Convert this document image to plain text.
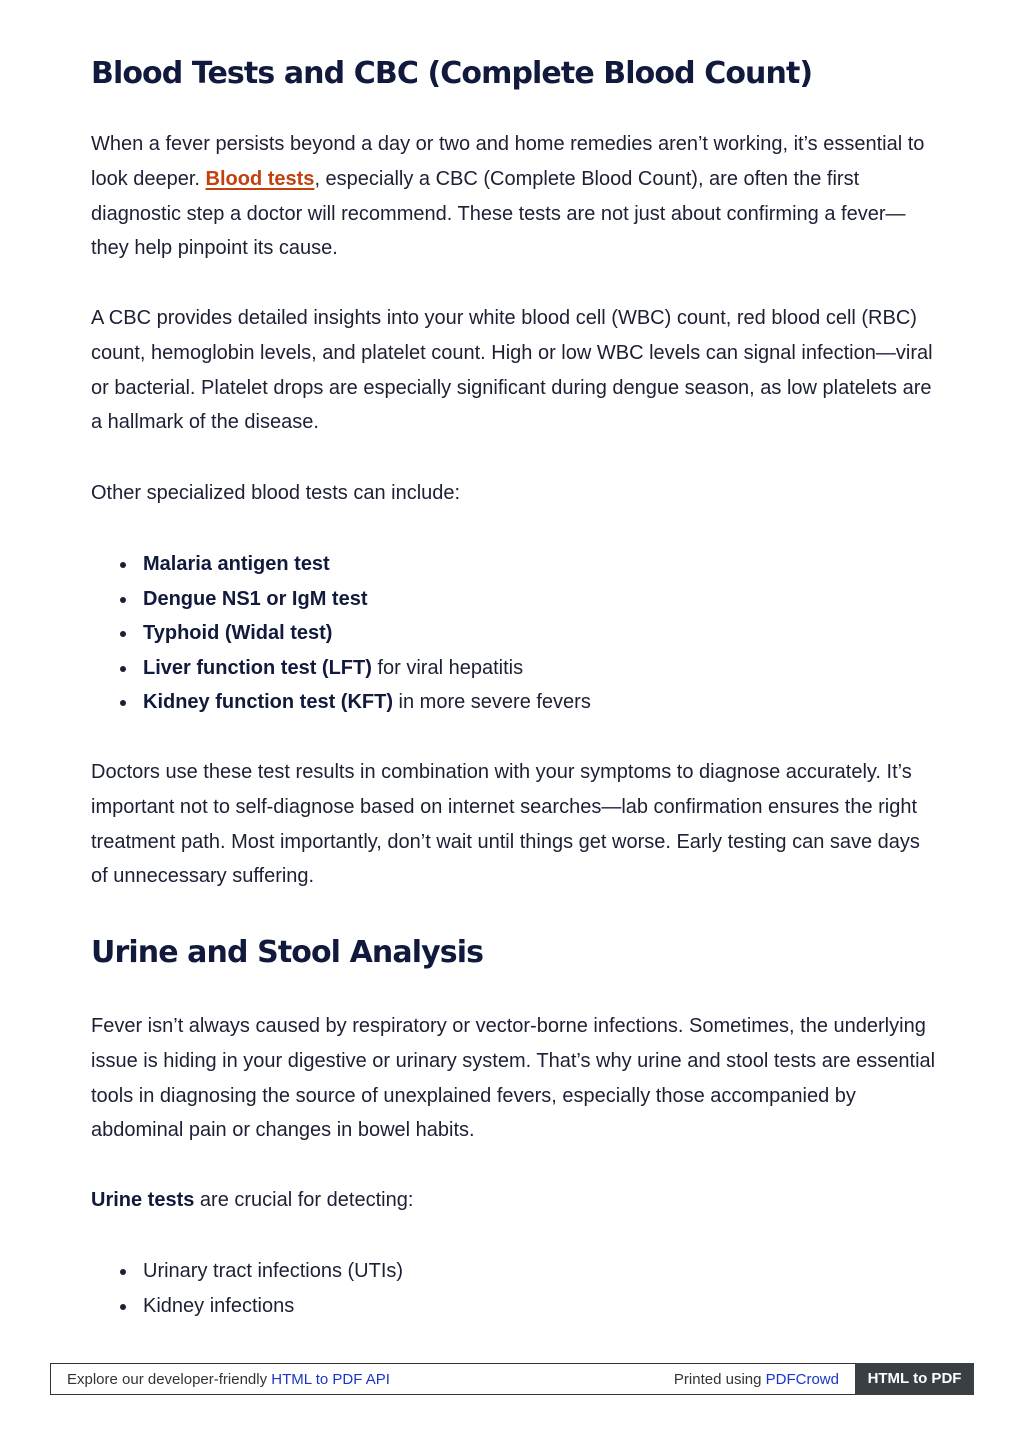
Blood Tests and CBC (Complete Blood Count)

When a fever persists beyond a day or two and home remedies aren’t working, it’s essential to look deeper. Blood tests, especially a CBC (Complete Blood Count), are often the first diagnostic step a doctor will recommend. These tests are not just about confirming a fever—they help pinpoint its cause.

A CBC provides detailed insights into your white blood cell (WBC) count, red blood cell (RBC) count, hemoglobin levels, and platelet count. High or low WBC levels can signal infection—viral or bacterial. Platelet drops are especially significant during dengue season, as low platelets are a hallmark of the disease.

Other specialized blood tests can include:

Malaria antigen test
Dengue NS1 or IgM test
Typhoid (Widal test)
Liver function test (LFT) for viral hepatitis
Kidney function test (KFT) in more severe fevers

Doctors use these test results in combination with your symptoms to diagnose accurately. It’s important not to self-diagnose based on internet searches—lab confirmation ensures the right treatment path. Most importantly, don’t wait until things get worse. Early testing can save days of unnecessary suffering.

Urine and Stool Analysis

Fever isn’t always caused by respiratory or vector-borne infections. Sometimes, the underlying issue is hiding in your digestive or urinary system. That’s why urine and stool tests are essential tools in diagnosing the source of unexplained fevers, especially those accompanied by abdominal pain or changes in bowel habits.

Urine tests are crucial for detecting:

Urinary tract infections (UTIs)
Kidney infections
Explore our developer-friendly HTML to PDF API	Printed using PDFCrowd	HTML to PDF
